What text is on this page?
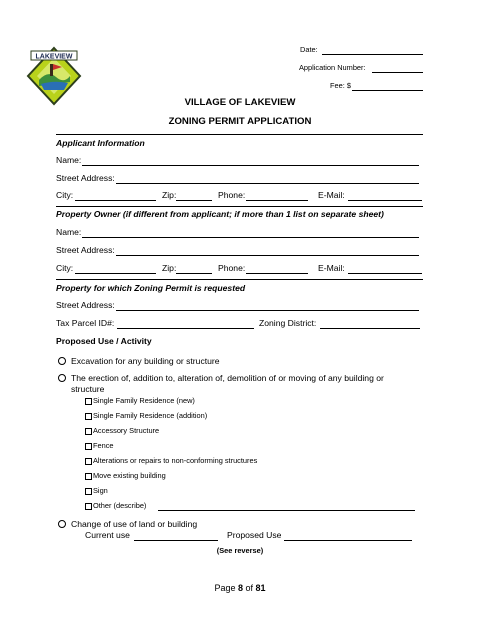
LAKEVIEW
Date:
Application Number:
Fee: $
VILLAGE OF LAKEVIEW
ZONING PERMIT APPLICATION
Applicant Information
Name:
Street Address:
City:	Zip:	Phone:	E-Mail:
Property Owner (if different from applicant; if more than 1 list on separate sheet)
Name:
Street Address:
City:	Zip:	Phone:	E-Mail:
Property for which Zoning Permit is requested
Street Address:
Tax Parcel ID#:	Zoning District:
Proposed Use / Activity
Excavation for any building or structure
The erection of, addition to, alteration of, demolition of or moving of any building or
structure
Single Family Residence (new)
Single Family Residence (addition)
Accessory Structure
Fence
Alterations or repairs to non-conforming structures
Move existing building
Sign
Other (describe)
Change of use of land or building
Current use	Proposed Use
(See reverse)
Page 8 of 81
